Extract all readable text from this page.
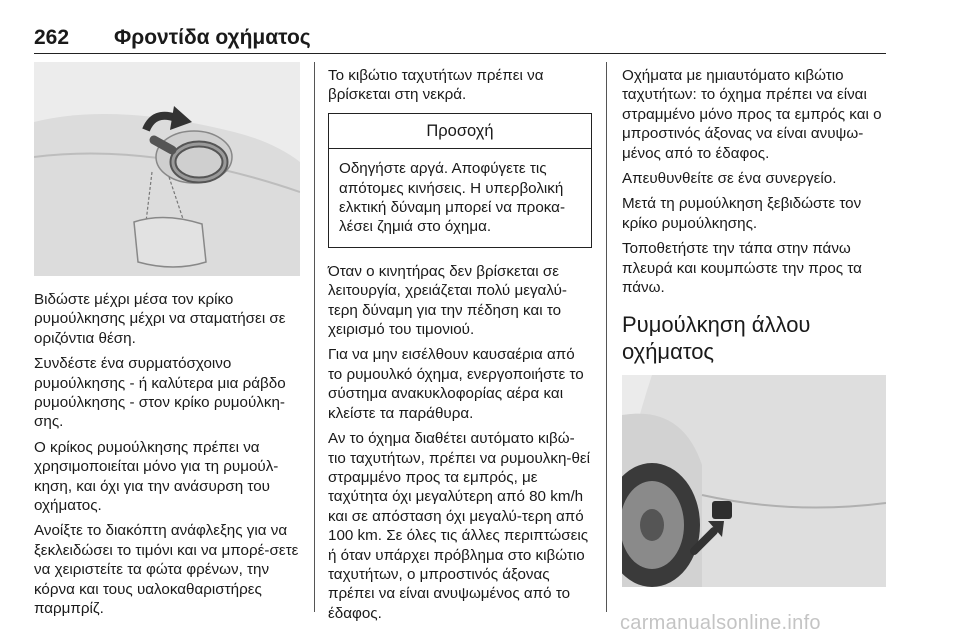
262 Φροντίδα οχήματος

Βιδώστε μέχρι μέσα τον κρίκο ρυμούλκησης μέχρι να σταματήσει σε οριζόντια θέση.

Συνδέστε ένα συρματόσχοινο ρυμούλκησης - ή καλύτερα μια ράβδο ρυμούλκησης - στον κρίκο ρυμούλκη-σης.

Ο κρίκος ρυμούλκησης πρέπει να χρησιμοποιείται μόνο για τη ρυμούλ-κηση, και όχι για την ανάσυρση του οχήματος.

Ανοίξτε το διακόπτη ανάφλεξης για να ξεκλειδώσει το τιμόνι και να μπορέ-σετε να χειριστείτε τα φώτα φρένων, την κόρνα και τους υαλοκαθαριστήρες παρμπρίζ.

Το κιβώτιο ταχυτήτων πρέπει να βρίσκεται στη νεκρά.

Προσοχή
Οδηγήστε αργά. Αποφύγετε τις απότομες κινήσεις. Η υπερβολική ελκτική δύναμη μπορεί να προκα-λέσει ζημιά στο όχημα.

Όταν ο κινητήρας δεν βρίσκεται σε λειτουργία, χρειάζεται πολύ μεγαλύ-τερη δύναμη για την πέδηση και το χειρισμό του τιμονιού.

Για να μην εισέλθουν καυσαέρια από το ρυμουλκό όχημα, ενεργοποιήστε το σύστημα ανακυκλοφορίας αέρα και κλείστε τα παράθυρα.

Αν το όχημα διαθέτει αυτόματο κιβώ-τιο ταχυτήτων, πρέπει να ρυμουλκη-θεί στραμμένο προς τα εμπρός, με ταχύτητα όχι μεγαλύτερη από 80 km/h και σε απόσταση όχι μεγαλύ-τερη από 100 km. Σε όλες τις άλλες περιπτώσεις ή όταν υπάρχει πρόβλημα στο κιβώτιο ταχυτήτων, ο μπροστινός άξονας πρέπει να είναι ανυψωμένος από το έδαφος.

Οχήματα με ημιαυτόματο κιβώτιο ταχυτήτων: το όχημα πρέπει να είναι στραμμένο μόνο προς τα εμπρός και ο μπροστινός άξονας να είναι ανυψω-μένος από το έδαφος.

Απευθυνθείτε σε ένα συνεργείο.

Μετά τη ρυμούλκηση ξεβιδώστε τον κρίκο ρυμούλκησης.

Τοποθετήστε την τάπα στην πάνω πλευρά και κουμπώστε την προς τα πάνω.

Ρυμούλκηση άλλου οχήματος
carmanualsonline.info
